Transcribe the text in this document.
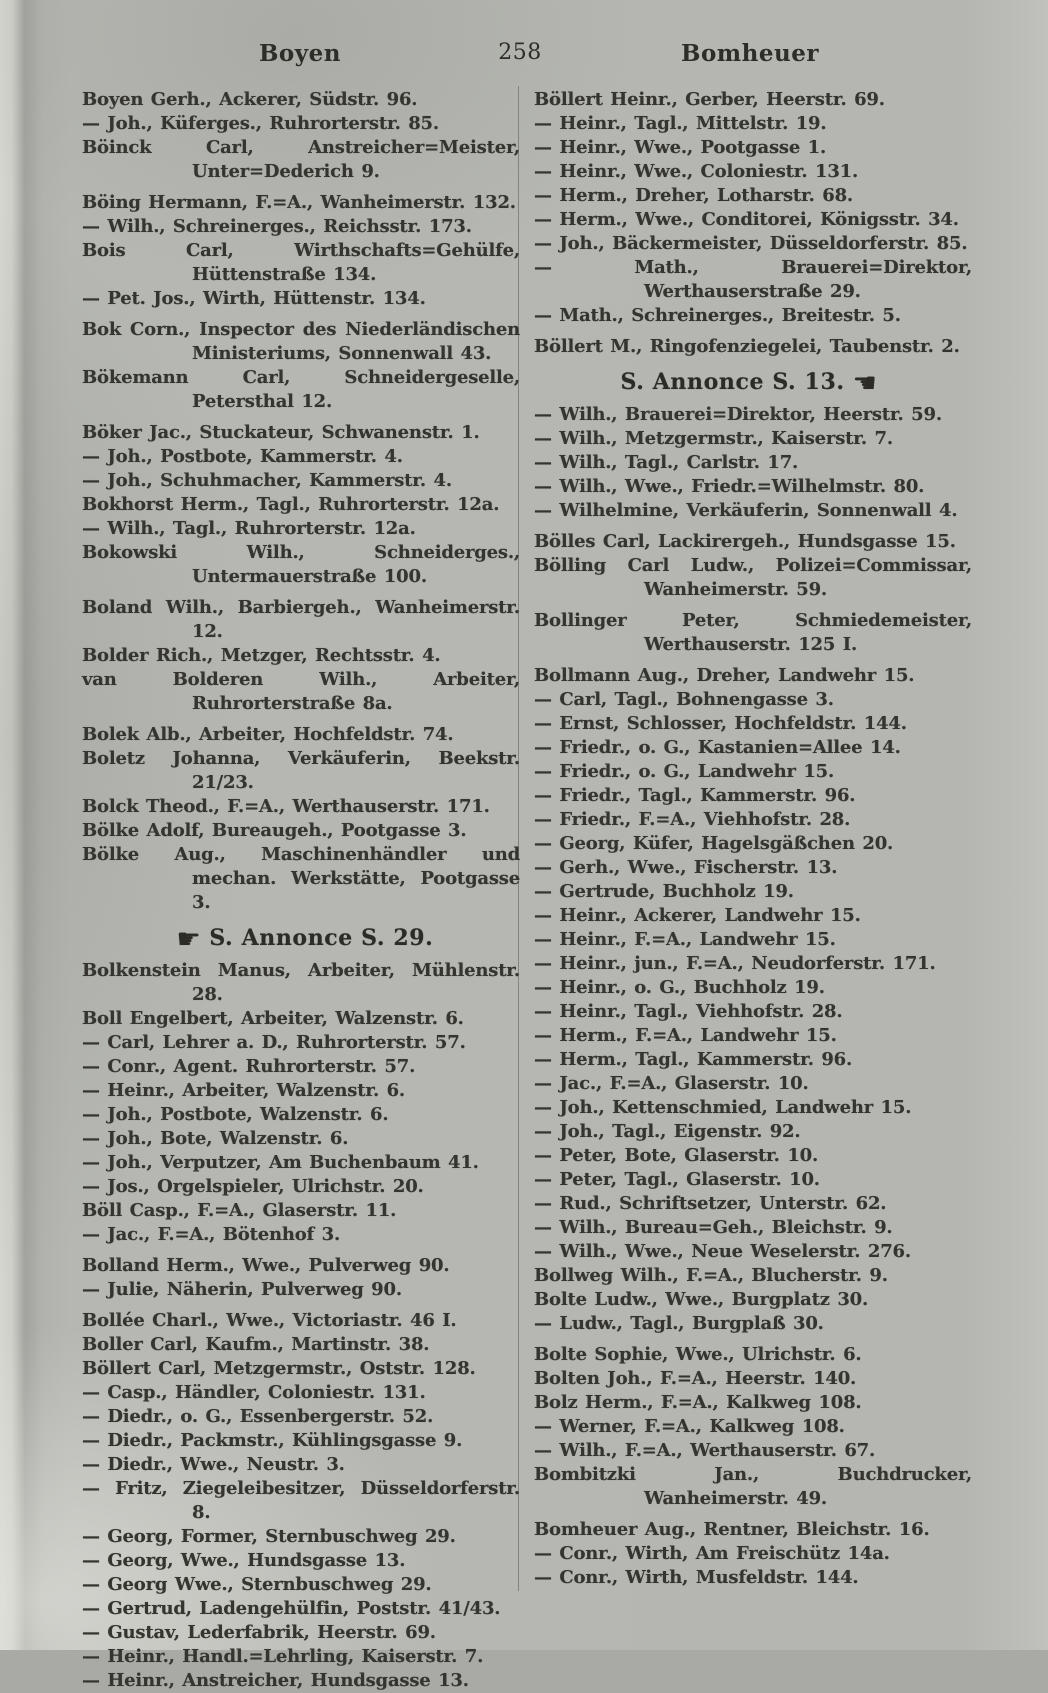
Boyen	258	Bomheuer
Boyen Gerh., Ackerer, Südstr. 96.
— Joh., Küferges., Ruhrorterstr. 85.
Böinck Carl, Anstreicher=Meister, Unter=Dederich 9.
Böing Hermann, F.=A., Wanheimerstr. 132.
— Wilh., Schreinerges., Reichsstr. 173.
Bois Carl, Wirthschafts=Gehülfe, Hüttenstraße 134.
— Pet. Jos., Wirth, Hüttenstr. 134.
Bok Corn., Inspector des Niederländischen Ministeriums, Sonnenwall 43.
Bökemann Carl, Schneidergeselle, Petersthal 12.
Böker Jac., Stuckateur, Schwanenstr. 1.
— Joh., Postbote, Kammerstr. 4.
— Joh., Schuhmacher, Kammerstr. 4.
Bokhorst Herm., Tagl., Ruhrorterstr. 12a.
— Wilh., Tagl., Ruhrorterstr. 12a.
Bokowski Wilh., Schneiderges., Untermauerstraße 100.
Boland Wilh., Barbiergeh., Wanheimerstr. 12.
Bolder Rich., Metzger, Rechtsstr. 4.
van Bolderen Wilh., Arbeiter, Ruhrorterstraße 8a.
Bolek Alb., Arbeiter, Hochfeldstr. 74.
Boletz Johanna, Verkäuferin, Beekstr. 21/23.
Bolck Theod., F.=A., Werthauserstr. 171.
Bölke Adolf, Bureaugeh., Pootgasse 3.
Bölke Aug., Maschinenhändler und mechan. Werkstätte, Pootgasse 3.
☛ S. Annonce S. 29.
Bolkenstein Manus, Arbeiter, Mühlenstr. 28.
Boll Engelbert, Arbeiter, Walzenstr. 6.
— Carl, Lehrer a. D., Ruhrorterstr. 57.
— Conr., Agent. Ruhrorterstr. 57.
— Heinr., Arbeiter, Walzenstr. 6.
— Joh., Postbote, Walzenstr. 6.
— Joh., Bote, Walzenstr. 6.
— Joh., Verputzer, Am Buchenbaum 41.
— Jos., Orgelspieler, Ulrichstr. 20.
Böll Casp., F.=A., Glaserstr. 11.
— Jac., F.=A., Bötenhof 3.
Bolland Herm., Wwe., Pulverweg 90.
— Julie, Näherin, Pulverweg 90.
Bollée Charl., Wwe., Victoriastr. 46 I.
Boller Carl, Kaufm., Martinstr. 38.
Böllert Carl, Metzgermstr., Oststr. 128.
— Casp., Händler, Coloniestr. 131.
— Diedr., o. G., Essenbergerstr. 52.
— Diedr., Packmstr., Kühlingsgasse 9.
— Diedr., Wwe., Neustr. 3.
— Fritz, Ziegeleibesitzer, Düsseldorferstr. 8.
— Georg, Former, Sternbuschweg 29.
— Georg, Wwe., Hundsgasse 13.
— Georg Wwe., Sternbuschweg 29.
— Gertrud, Ladengehülfin, Poststr. 41/43.
— Gustav, Lederfabrik, Heerstr. 69.
— Heinr., Handl.=Lehrling, Kaiserstr. 7.
— Heinr., Anstreicher, Hundsgasse 13.
Böllert Heinr., Gerber, Heerstr. 69.
— Heinr., Tagl., Mittelstr. 19.
— Heinr., Wwe., Pootgasse 1.
— Heinr., Wwe., Coloniestr. 131.
— Herm., Dreher, Lotharstr. 68.
— Herm., Wwe., Conditorei, Königsstr. 34.
— Joh., Bäckermeister, Düsseldorferstr. 85.
— Math., Brauerei=Direktor, Werthauserstraße 29.
— Math., Schreinerges., Breitestr. 5.
Böllert M., Ringofenziegelei, Taubenstr. 2.
S. Annonce S. 13. ☚
— Wilh., Brauerei=Direktor, Heerstr. 59.
— Wilh., Metzgermstr., Kaiserstr. 7.
— Wilh., Tagl., Carlstr. 17.
— Wilh., Wwe., Friedr.=Wilhelmstr. 80.
— Wilhelmine, Verkäuferin, Sonnenwall 4.
Bölles Carl, Lackirergeh., Hundsgasse 15.
Bölling Carl Ludw., Polizei=Commissar, Wanheimerstr. 59.
Bollinger Peter, Schmiedemeister, Werthauserstr. 125 I.
Bollmann Aug., Dreher, Landwehr 15.
— Carl, Tagl., Bohnengasse 3.
— Ernst, Schlosser, Hochfeldstr. 144.
— Friedr., o. G., Kastanien=Allee 14.
— Friedr., o. G., Landwehr 15.
— Friedr., Tagl., Kammerstr. 96.
— Friedr., F.=A., Viehhofstr. 28.
— Georg, Küfer, Hagelsgäßchen 20.
— Gerh., Wwe., Fischerstr. 13.
— Gertrude, Buchholz 19.
— Heinr., Ackerer, Landwehr 15.
— Heinr., F.=A., Landwehr 15.
— Heinr., jun., F.=A., Neudorferstr. 171.
— Heinr., o. G., Buchholz 19.
— Heinr., Tagl., Viehhofstr. 28.
— Herm., F.=A., Landwehr 15.
— Herm., Tagl., Kammerstr. 96.
— Jac., F.=A., Glaserstr. 10.
— Joh., Kettenschmied, Landwehr 15.
— Joh., Tagl., Eigenstr. 92.
— Peter, Bote, Glaserstr. 10.
— Peter, Tagl., Glaserstr. 10.
— Rud., Schriftsetzer, Unterstr. 62.
— Wilh., Bureau=Geh., Bleichstr. 9.
— Wilh., Wwe., Neue Weselerstr. 276.
Bollweg Wilh., F.=A., Blucherstr. 9.
Bolte Ludw., Wwe., Burgplatz 30.
— Ludw., Tagl., Burgplaß 30.
Bolte Sophie, Wwe., Ulrichstr. 6.
Bolten Joh., F.=A., Heerstr. 140.
Bolz Herm., F.=A., Kalkweg 108.
— Werner, F.=A., Kalkweg 108.
— Wilh., F.=A., Werthauserstr. 67.
Bombitzki Jan., Buchdrucker, Wanheimerstr. 49.
Bomheuer Aug., Rentner, Bleichstr. 16.
— Conr., Wirth, Am Freischütz 14a.
— Conr., Wirth, Musfeldstr. 144.
